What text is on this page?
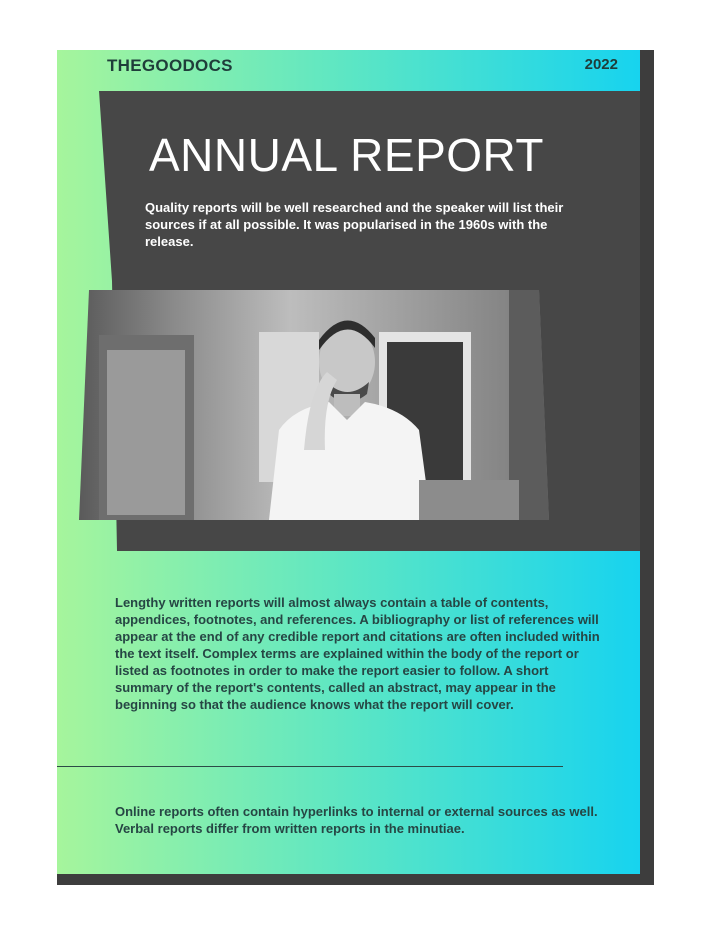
THEGOODOCS	2022
ANNUAL REPORT

Quality reports will be well researched and the speaker will list their sources if at all possible. It was popularised in the 1960s with the release.

Lengthy written reports will almost always contain a table of contents, appendices, footnotes, and references. A bibliography or list of references will appear at the end of any credible report and citations are often included within the text itself. Complex terms are explained within the body of the report or listed as footnotes in order to make the report easier to follow. A short summary of the report's contents, called an abstract, may appear in the beginning so that the audience knows what the report will cover.

Online reports often contain hyperlinks to internal or external sources as well. Verbal reports differ from written reports in the minutiae.
